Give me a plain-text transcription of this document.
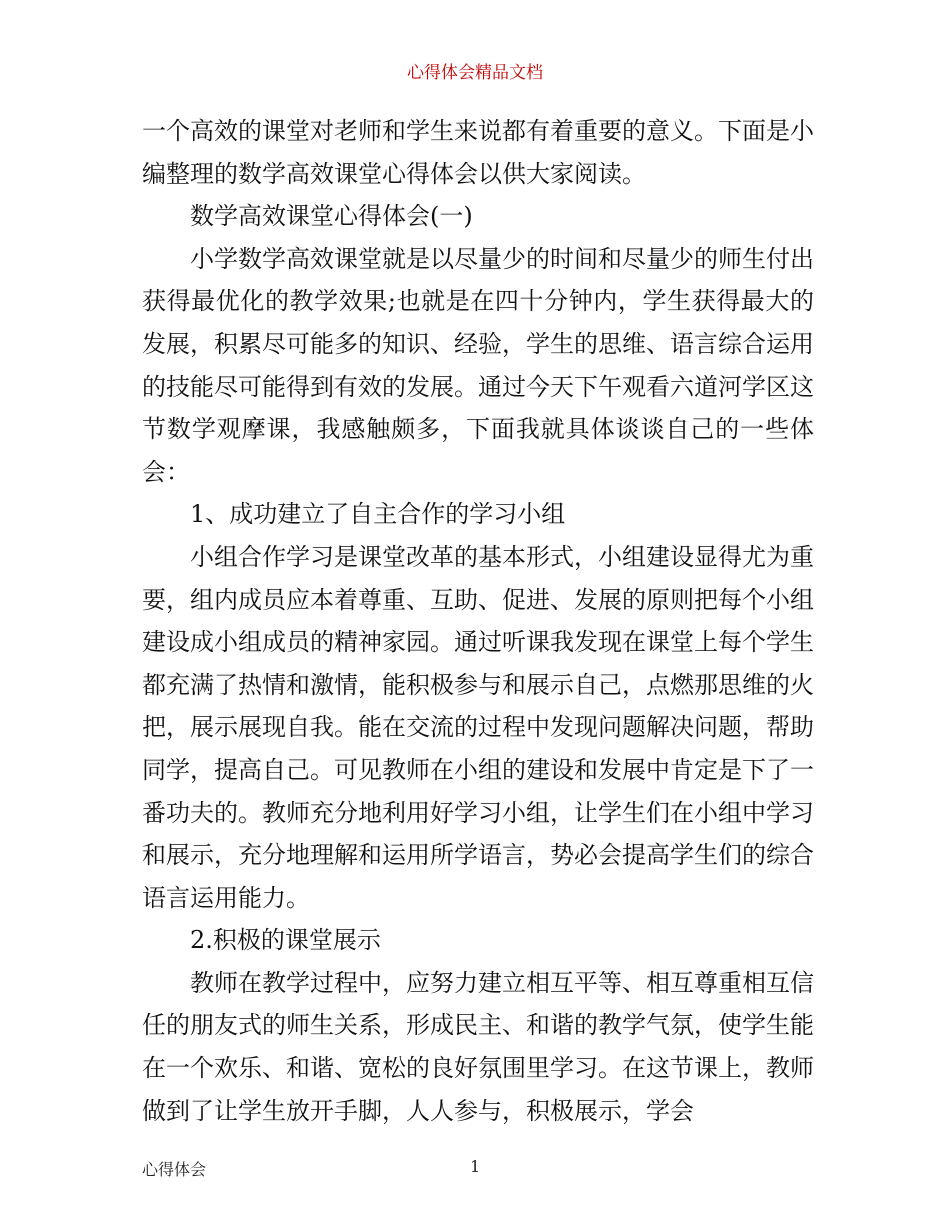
心得体会精品文档

一个高效的课堂对老师和学生来说都有着重要的意义。下面是小编整理的数学高效课堂心得体会以供大家阅读。

数学高效课堂心得体会(一)

小学数学高效课堂就是以尽量少的时间和尽量少的师生付出获得最优化的教学效果;也就是在四十分钟内，学生获得最大的发展，积累尽可能多的知识、经验，学生的思维、语言综合运用的技能尽可能得到有效的发展。通过今天下午观看六道河学区这节数学观摩课，我感触颇多，下面我就具体谈谈自己的一些体会：

1、成功建立了自主合作的学习小组

小组合作学习是课堂改革的基本形式，小组建设显得尤为重要，组内成员应本着尊重、互助、促进、发展的原则把每个小组建设成小组成员的精神家园。通过听课我发现在课堂上每个学生都充满了热情和激情，能积极参与和展示自己，点燃那思维的火把，展示展现自我。能在交流的过程中发现问题解决问题，帮助同学，提高自己。可见教师在小组的建设和发展中肯定是下了一番功夫的。教师充分地利用好学习小组，让学生们在小组中学习和展示，充分地理解和运用所学语言，势必会提高学生们的综合语言运用能力。

2.积极的课堂展示

教师在教学过程中，应努力建立相互平等、相互尊重相互信任的朋友式的师生关系，形成民主、和谐的教学气氛，使学生能在一个欢乐、和谐、宽松的良好氛围里学习。在这节课上，教师做到了让学生放开手脚，人人参与，积极展示，学会

心得体会	1
